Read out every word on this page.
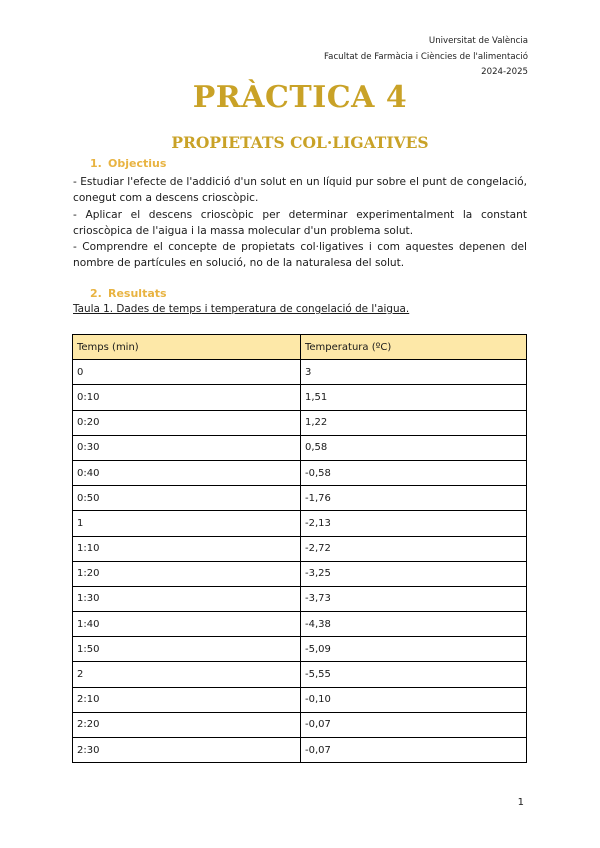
Universitat de València
Facultat de Farmàcia i Ciències de l'alimentació
2024-2025
PRÀCTICA 4
PROPIETATS COL·LIGATIVES
1. Objectius

- Estudiar l'efecte de l'addició d'un solut en un líquid pur sobre el punt de congelació, conegut com a descens crioscòpic.

- Aplicar el descens crioscòpic per determinar experimentalment la constant crioscòpica de l'aigua i la massa molecular d'un problema solut.

- Comprendre el concepte de propietats col·ligatives i com aquestes depenen del nombre de partícules en solució, no de la naturalesa del solut.

2. Resultats
Taula 1. Dades de temps i temperatura de congelació de l'aigua.
Temps (min)	Temperatura (ºC)
0	3
0:10	1,51
0:20	1,22
0:30	0,58
0:40	-0,58
0:50	-1,76
1	-2,13
1:10	-2,72
1:20	-3,25
1:30	-3,73
1:40	-4,38
1:50	-5,09
2	-5,55
2:10	-0,10
2:20	-0,07
2:30	-0,07
1
